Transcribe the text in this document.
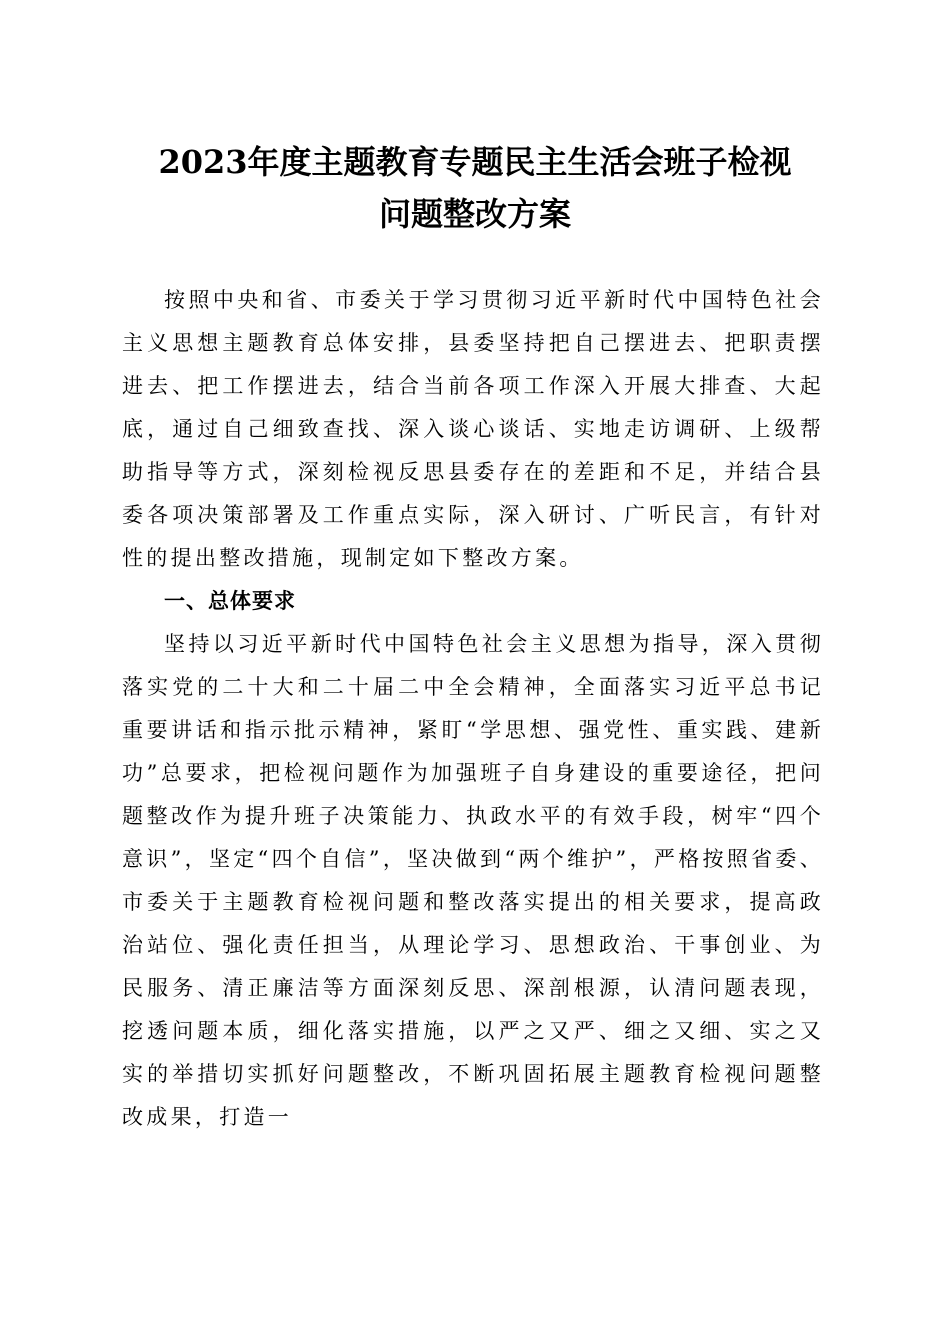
2023年度主题教育专题民主生活会班子检视
问题整改方案

按照中央和省、市委关于学习贯彻习近平新时代中国特色社会主义思想主题教育总体安排，县委坚持把自己摆进去、把职责摆进去、把工作摆进去，结合当前各项工作深入开展大排查、大起底，通过自己细致查找、深入谈心谈话、实地走访调研、上级帮助指导等方式，深刻检视反思县委存在的差距和不足，并结合县委各项决策部署及工作重点实际，深入研讨、广听民言，有针对性的提出整改措施，现制定如下整改方案。

一、总体要求

坚持以习近平新时代中国特色社会主义思想为指导，深入贯彻落实党的二十大和二十届二中全会精神，全面落实习近平总书记重要讲话和指示批示精神，紧盯“学思想、强党性、重实践、建新功”总要求，把检视问题作为加强班子自身建设的重要途径，把问题整改作为提升班子决策能力、执政水平的有效手段，树牢“四个意识”，坚定“四个自信”，坚决做到“两个维护”，严格按照省委、市委关于主题教育检视问题和整改落实提出的相关要求，提高政治站位、强化责任担当，从理论学习、思想政治、干事创业、为民服务、清正廉洁等方面深刻反思、深剖根源，认清问题表现，挖透问题本质，细化落实措施，以严之又严、细之又细、实之又实的举措切实抓好问题整改，不断巩固拓展主题教育检视问题整改成果，打造一
